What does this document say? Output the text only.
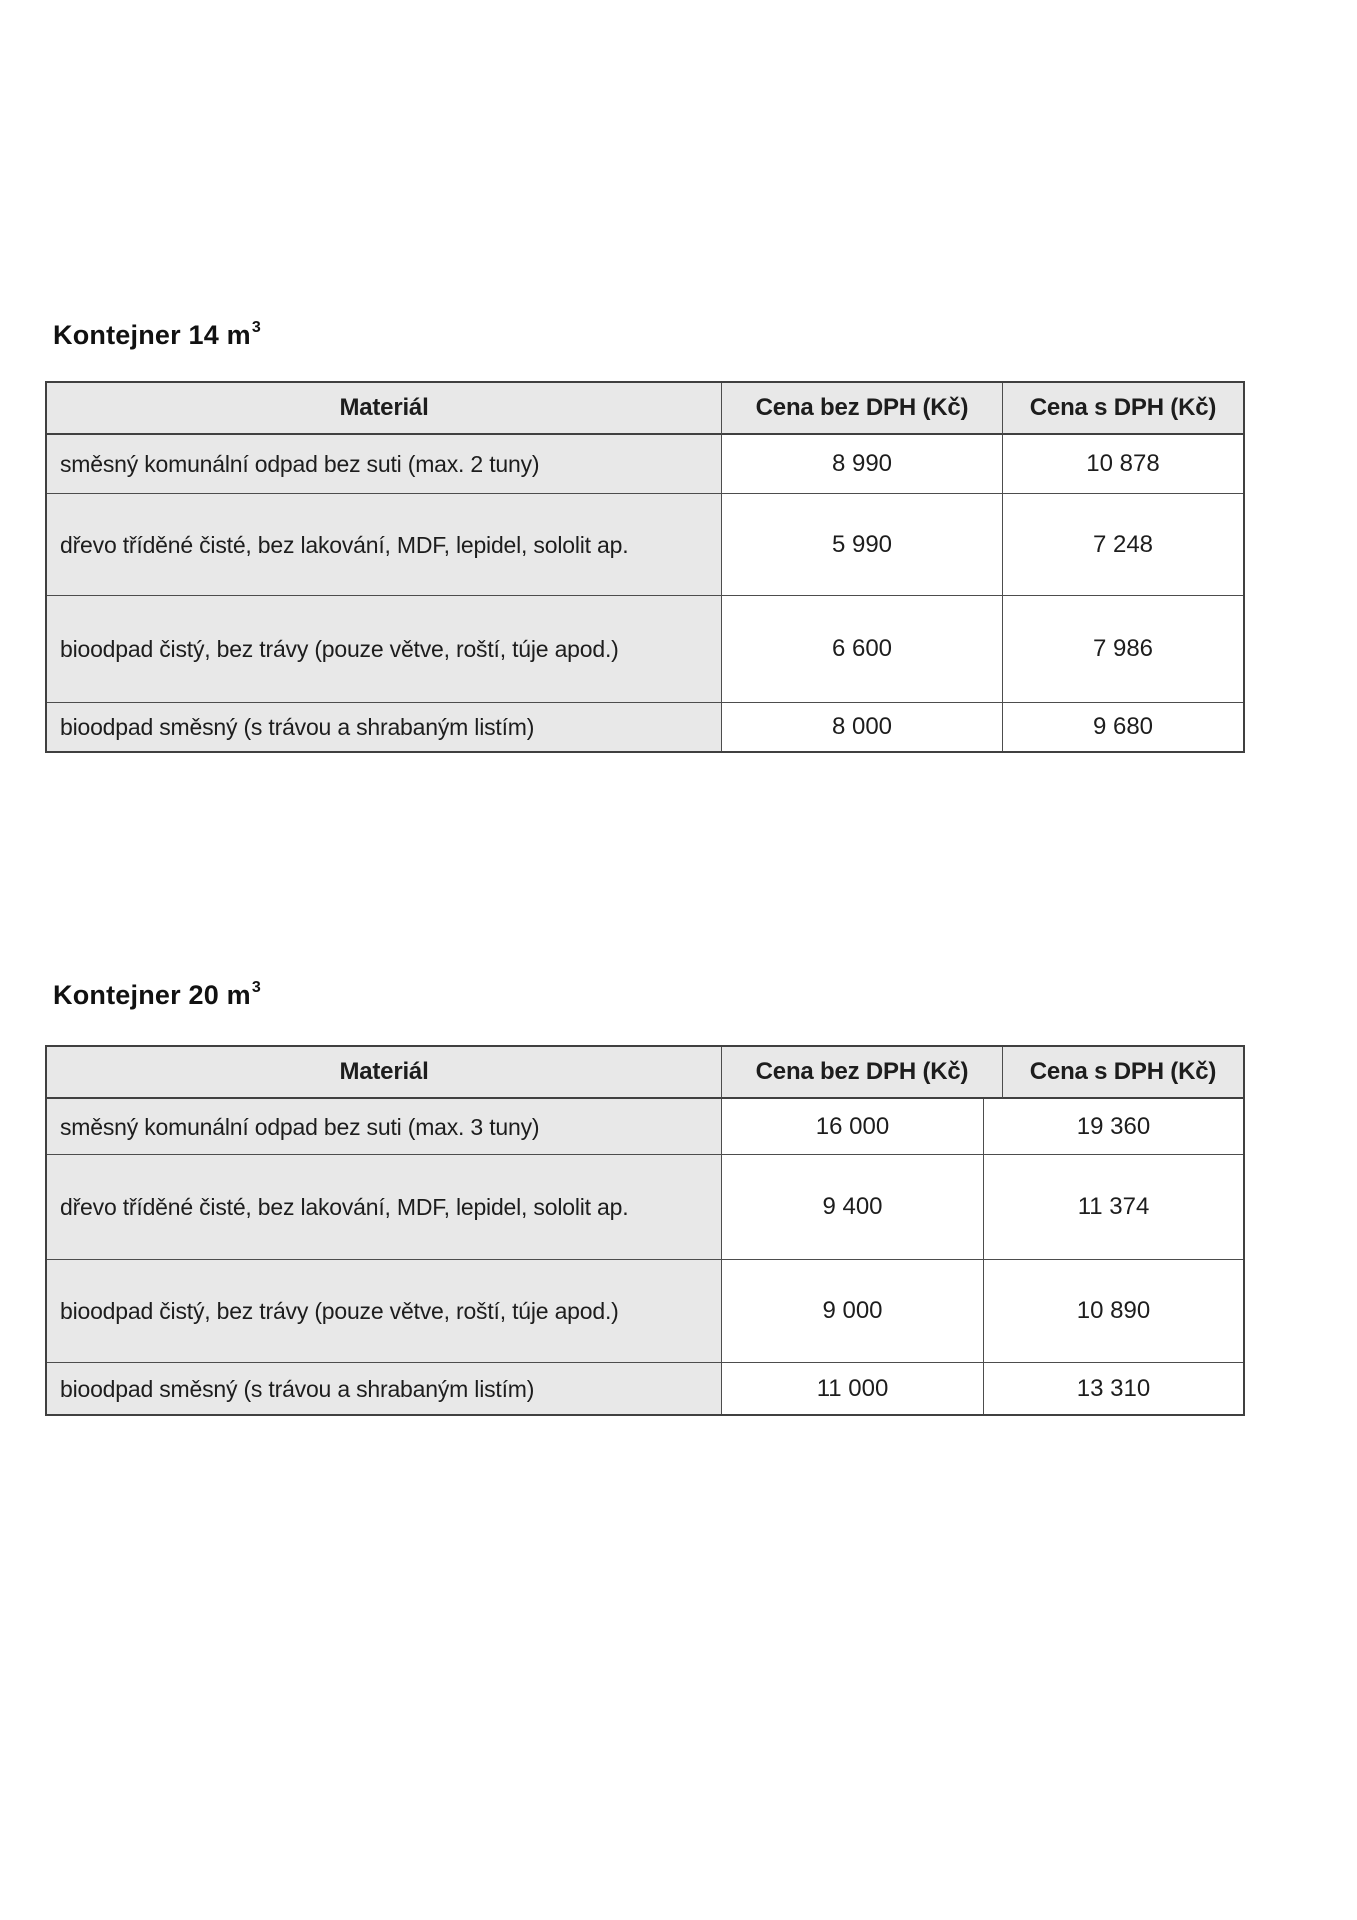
Kontejner 14 $m^3$
Materiál	Cena bez DPH (Kč)	Cena s DPH (Kč)
směsný komunální odpad bez suti (max. 2 tuny)	8 990	10 878
dřevo tříděné čisté, bez lakování, MDF, lepidel, sololit ap.	5 990	7 248
bioodpad čistý, bez trávy (pouze větve, roští, túje apod.)	6 600	7 986
bioodpad směsný (s trávou a shrabaným listím)	8 000	9 680
Kontejner 20 $m^3$
Materiál	Cena bez DPH (Kč)	Cena s DPH (Kč)
směsný komunální odpad bez suti (max. 3 tuny)	16 000	19 360
dřevo tříděné čisté, bez lakování, MDF, lepidel, sololit ap.	9 400	11 374
bioodpad čistý, bez trávy (pouze větve, roští, túje apod.)	9 000	10 890
bioodpad směsný (s trávou a shrabaným listím)	11 000	13 310
